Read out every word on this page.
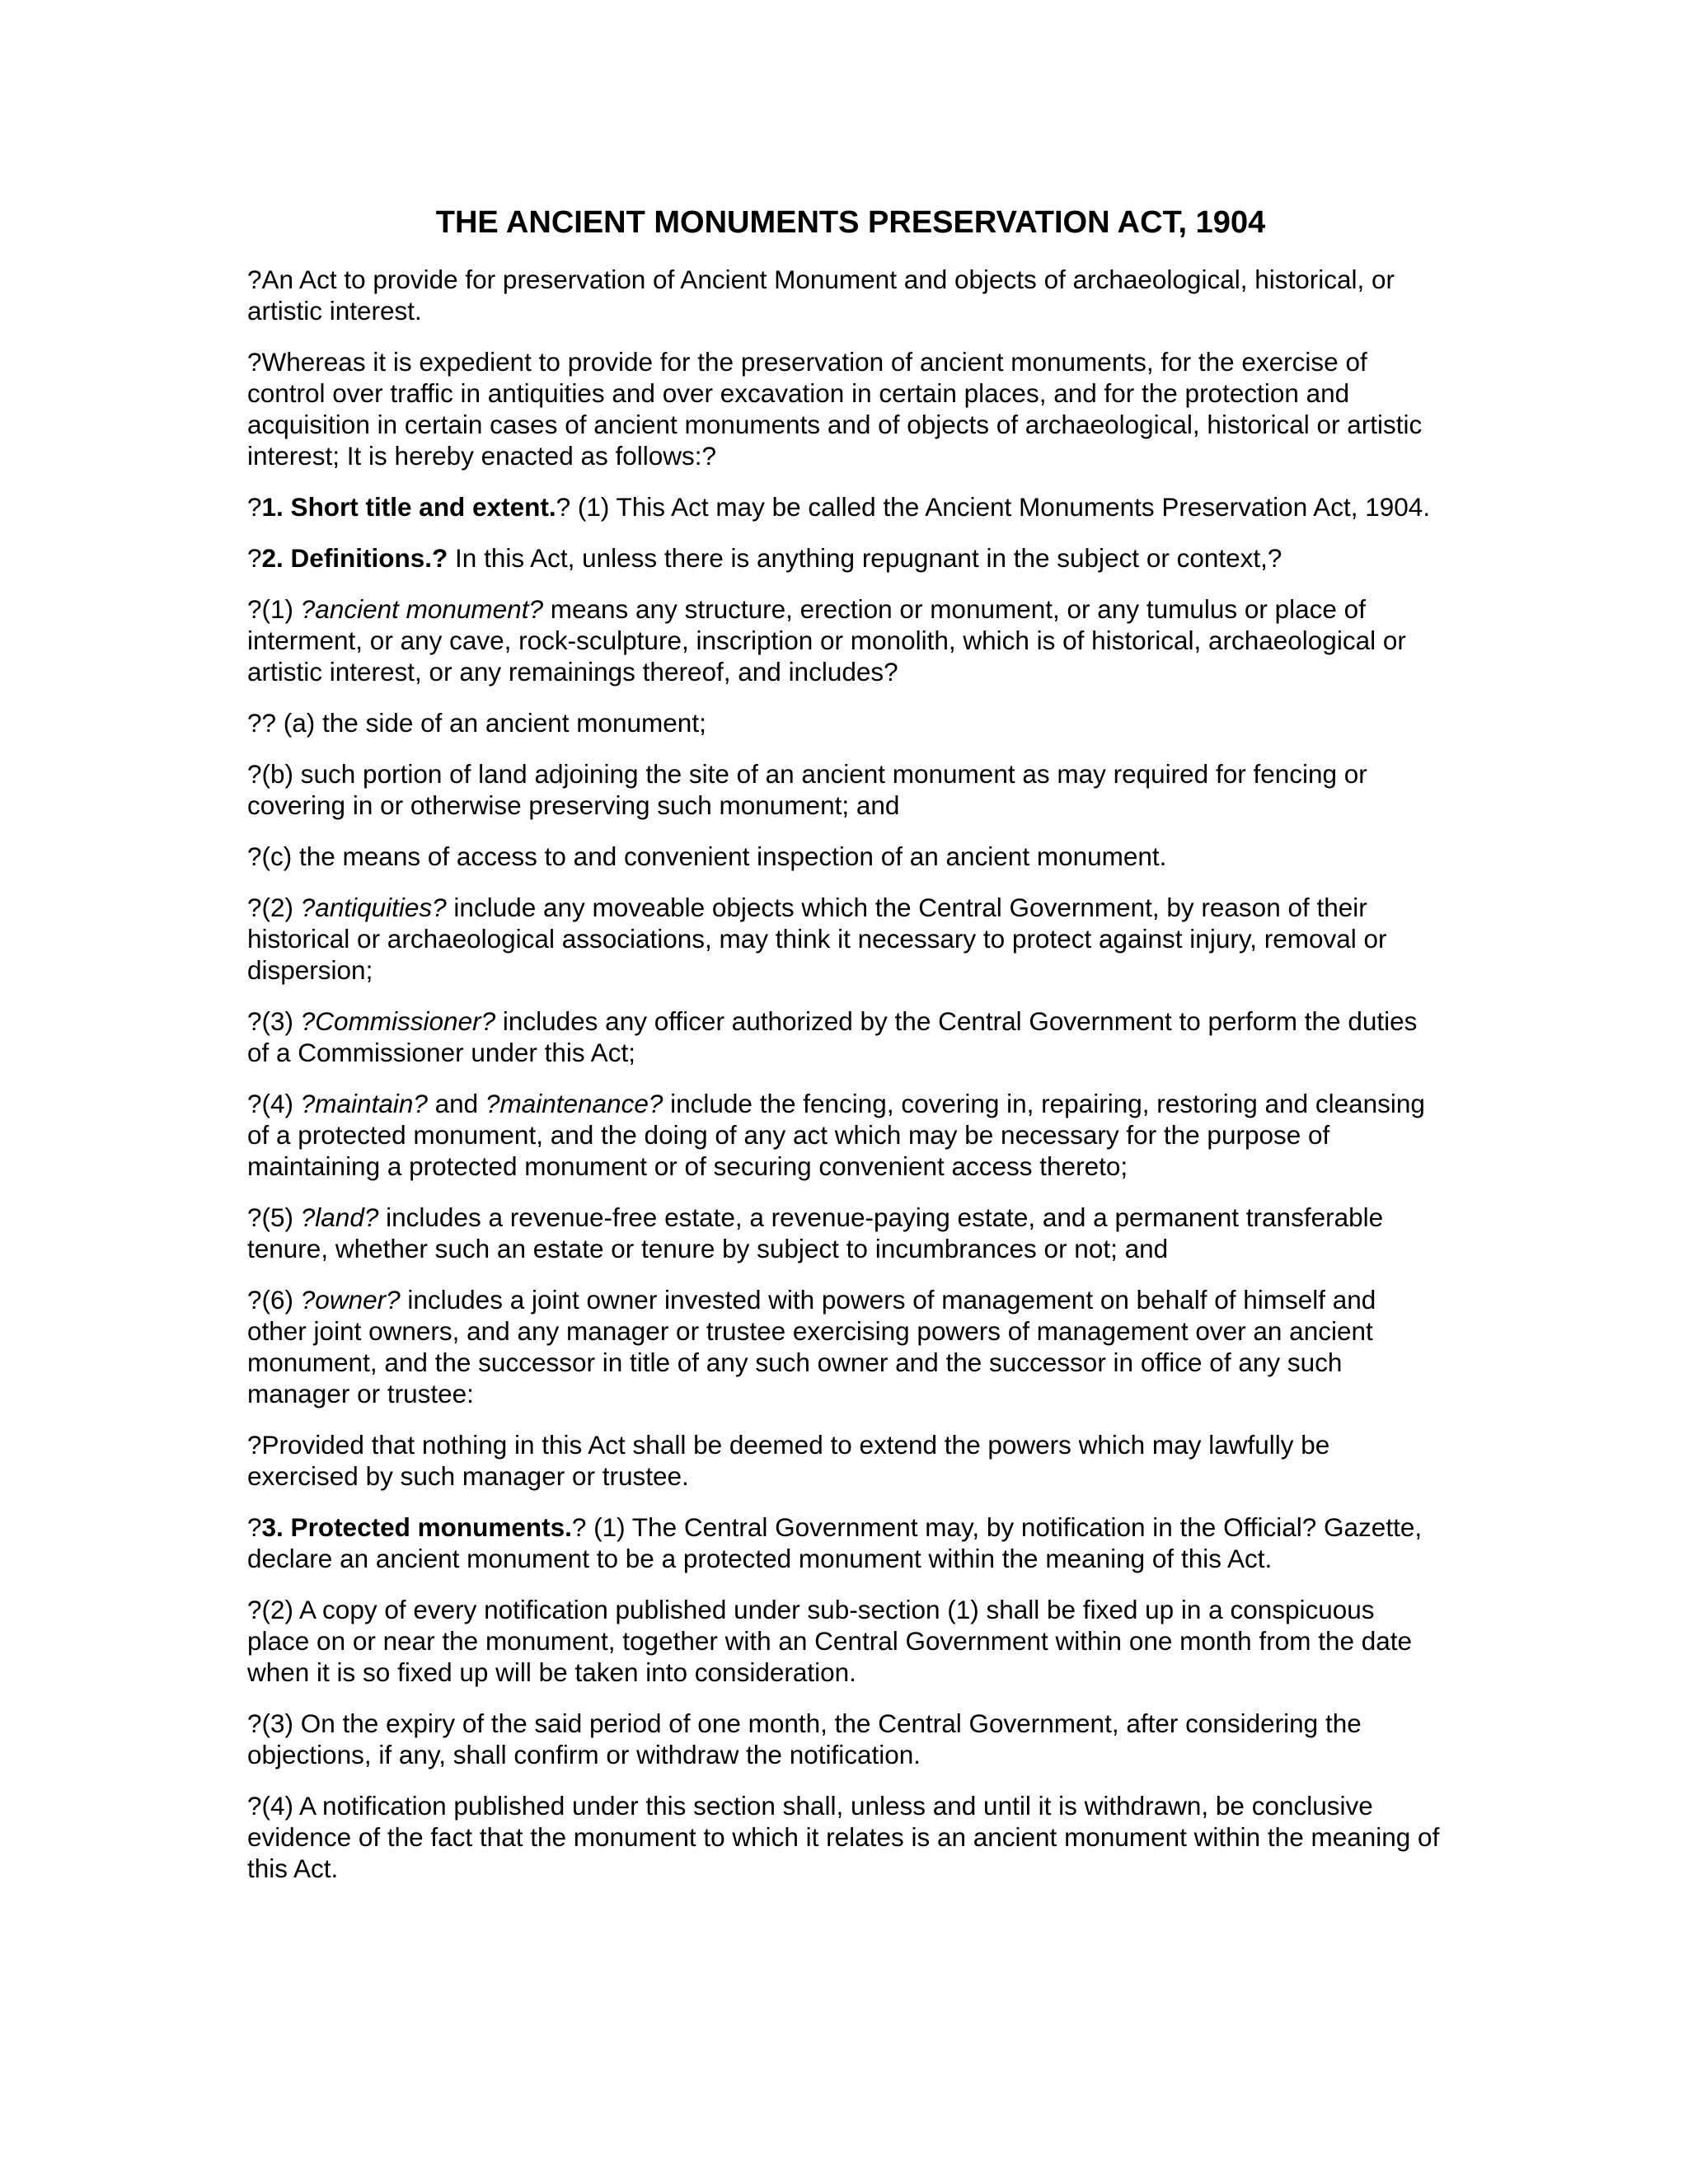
THE ANCIENT MONUMENTS PRESERVATION ACT, 1904

?An Act to provide for preservation of Ancient Monument and objects of archaeological, historical, or artistic interest.

?Whereas it is expedient to provide for the preservation of ancient monuments, for the exercise of control over traffic in antiquities and over excavation in certain places, and for the protection and acquisition in certain cases of ancient monuments and of objects of archaeological, historical or artistic interest; It is hereby enacted as follows:?

?1. Short title and extent.? (1) This Act may be called the Ancient Monuments Preservation Act, 1904.

?2. Definitions.? In this Act, unless there is anything repugnant in the subject or context,?

?(1) ?ancient monument? means any structure, erection or monument, or any tumulus or place of interment, or any cave, rock-sculpture, inscription or monolith, which is of historical, archaeological or artistic interest, or any remainings thereof, and includes?

?? (a) the side of an ancient monument;

?(b) such portion of land adjoining the site of an ancient monument as may required for fencing or covering in or otherwise preserving such monument; and

?(c) the means of access to and convenient inspection of an ancient monument.

?(2) ?antiquities? include any moveable objects which the Central Government, by reason of their historical or archaeological associations, may think it necessary to protect against injury, removal or dispersion;

?(3) ?Commissioner? includes any officer authorized by the Central Government to perform the duties of a Commissioner under this Act;

?(4) ?maintain? and ?maintenance? include the fencing, covering in, repairing, restoring and cleansing of a protected monument, and the doing of any act which may be necessary for the purpose of maintaining a protected monument or of securing convenient access thereto;

?(5) ?land? includes a revenue-free estate, a revenue-paying estate, and a permanent transferable tenure, whether such an estate or tenure by subject to incumbrances or not; and

?(6) ?owner? includes a joint owner invested with powers of management on behalf of himself and other joint owners, and any manager or trustee exercising powers of management over an ancient monument, and the successor in title of any such owner and the successor in office of any such manager or trustee:

?Provided that nothing in this Act shall be deemed to extend the powers which may lawfully be exercised by such manager or trustee.

?3. Protected monuments.? (1) The Central Government may, by notification in the Official? Gazette, declare an ancient monument to be a protected monument within the meaning of this Act.

?(2) A copy of every notification published under sub-section (1) shall be fixed up in a conspicuous place on or near the monument, together with an Central Government within one month from the date when it is so fixed up will be taken into consideration.

?(3) On the expiry of the said period of one month, the Central Government, after considering the objections, if any, shall confirm or withdraw the notification.

?(4) A notification published under this section shall, unless and until it is withdrawn, be conclusive evidence of the fact that the monument to which it relates is an ancient monument within the meaning of this Act.
